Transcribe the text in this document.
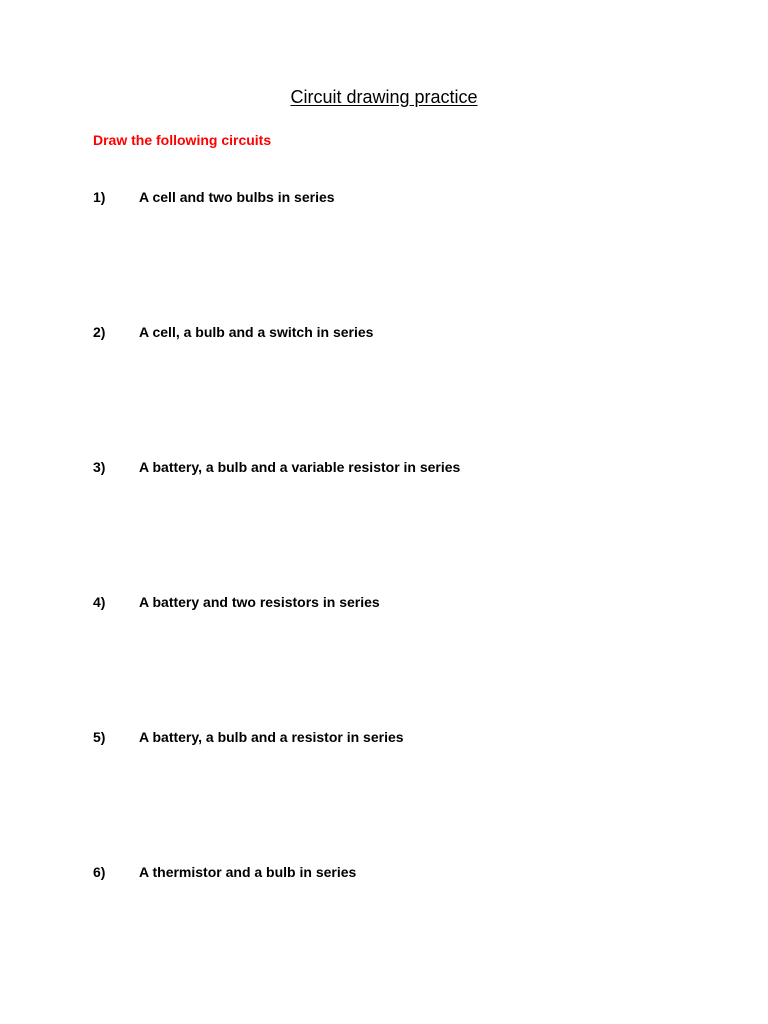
Circuit drawing practice

Draw the following circuits

1) A cell and two bulbs in series
2) A cell, a bulb and a switch in series
3) A battery, a bulb and a variable resistor in series
4) A battery and two resistors in series
5) A battery, a bulb and a resistor in series
6) A thermistor and a bulb in series
